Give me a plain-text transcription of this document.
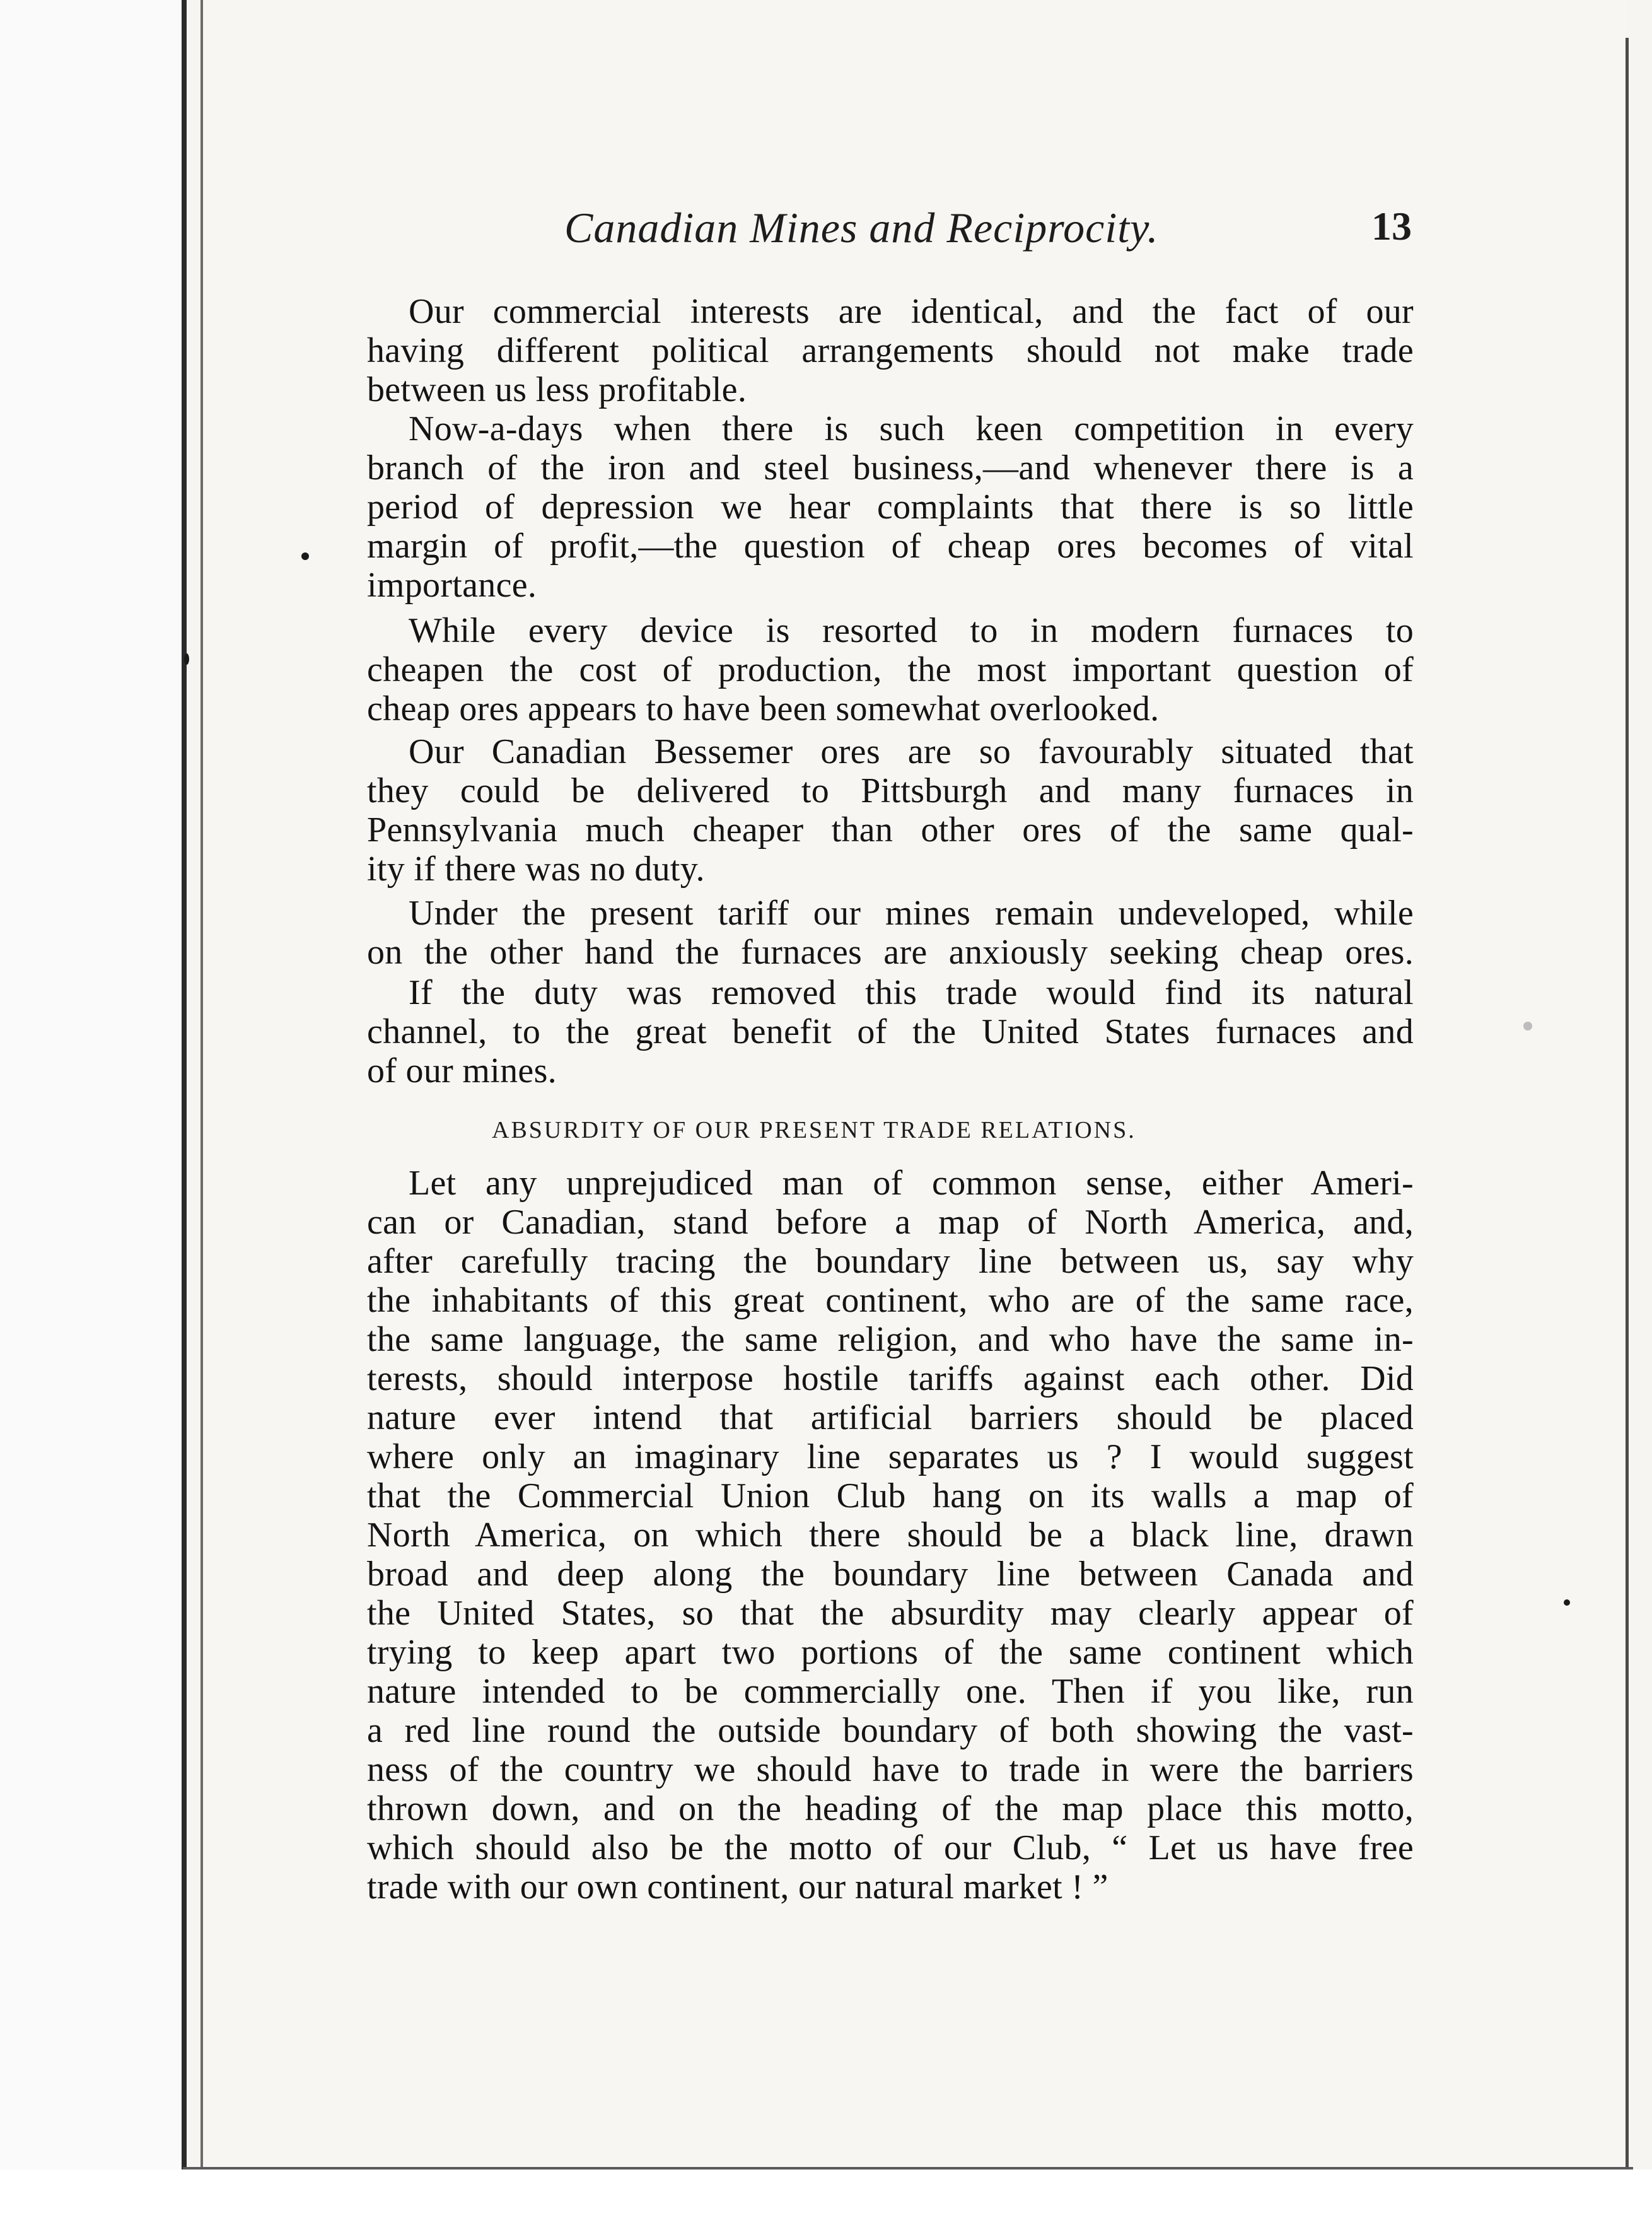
Canadian Mines and Reciprocity.	13
Our commercial interests are identical, and the fact of our
having different political arrangements should not make trade
between us less profitable.
Now-a-days when there is such keen competition in every
branch of the iron and steel business,—and whenever there is a
period of depression we hear complaints that there is so little
margin of profit,—the question of cheap ores becomes of vital
importance.
While every device is resorted to in modern furnaces to
cheapen the cost of production, the most important question of
cheap ores appears to have been somewhat overlooked.
Our Canadian Bessemer ores are so favourably situated that
they could be delivered to Pittsburgh and many furnaces in
Pennsylvania much cheaper than other ores of the same qual-
ity if there was no duty.
Under the present tariff our mines remain undeveloped, while
on the other hand the furnaces are anxiously seeking cheap ores.
If the duty was removed this trade would find its natural
channel, to the great benefit of the United States furnaces and
of our mines.
ABSURDITY OF OUR PRESENT TRADE RELATIONS.
Let any unprejudiced man of common sense, either Ameri-
can or Canadian, stand before a map of North America, and,
after carefully tracing the boundary line between us, say why
the inhabitants of this great continent, who are of the same race,
the same language, the same religion, and who have the same in-
terests, should interpose hostile tariffs against each other. Did
nature ever intend that artificial barriers should be placed
where only an imaginary line separates us ? I would suggest
that the Commercial Union Club hang on its walls a map of
North America, on which there should be a black line, drawn
broad and deep along the boundary line between Canada and
the United States, so that the absurdity may clearly appear of
trying to keep apart two portions of the same continent which
nature intended to be commercially one. Then if you like, run
a red line round the outside boundary of both showing the vast-
ness of the country we should have to trade in were the barriers
thrown down, and on the heading of the map place this motto,
which should also be the motto of our Club, “ Let us have free
trade with our own continent, our natural market ! ”
